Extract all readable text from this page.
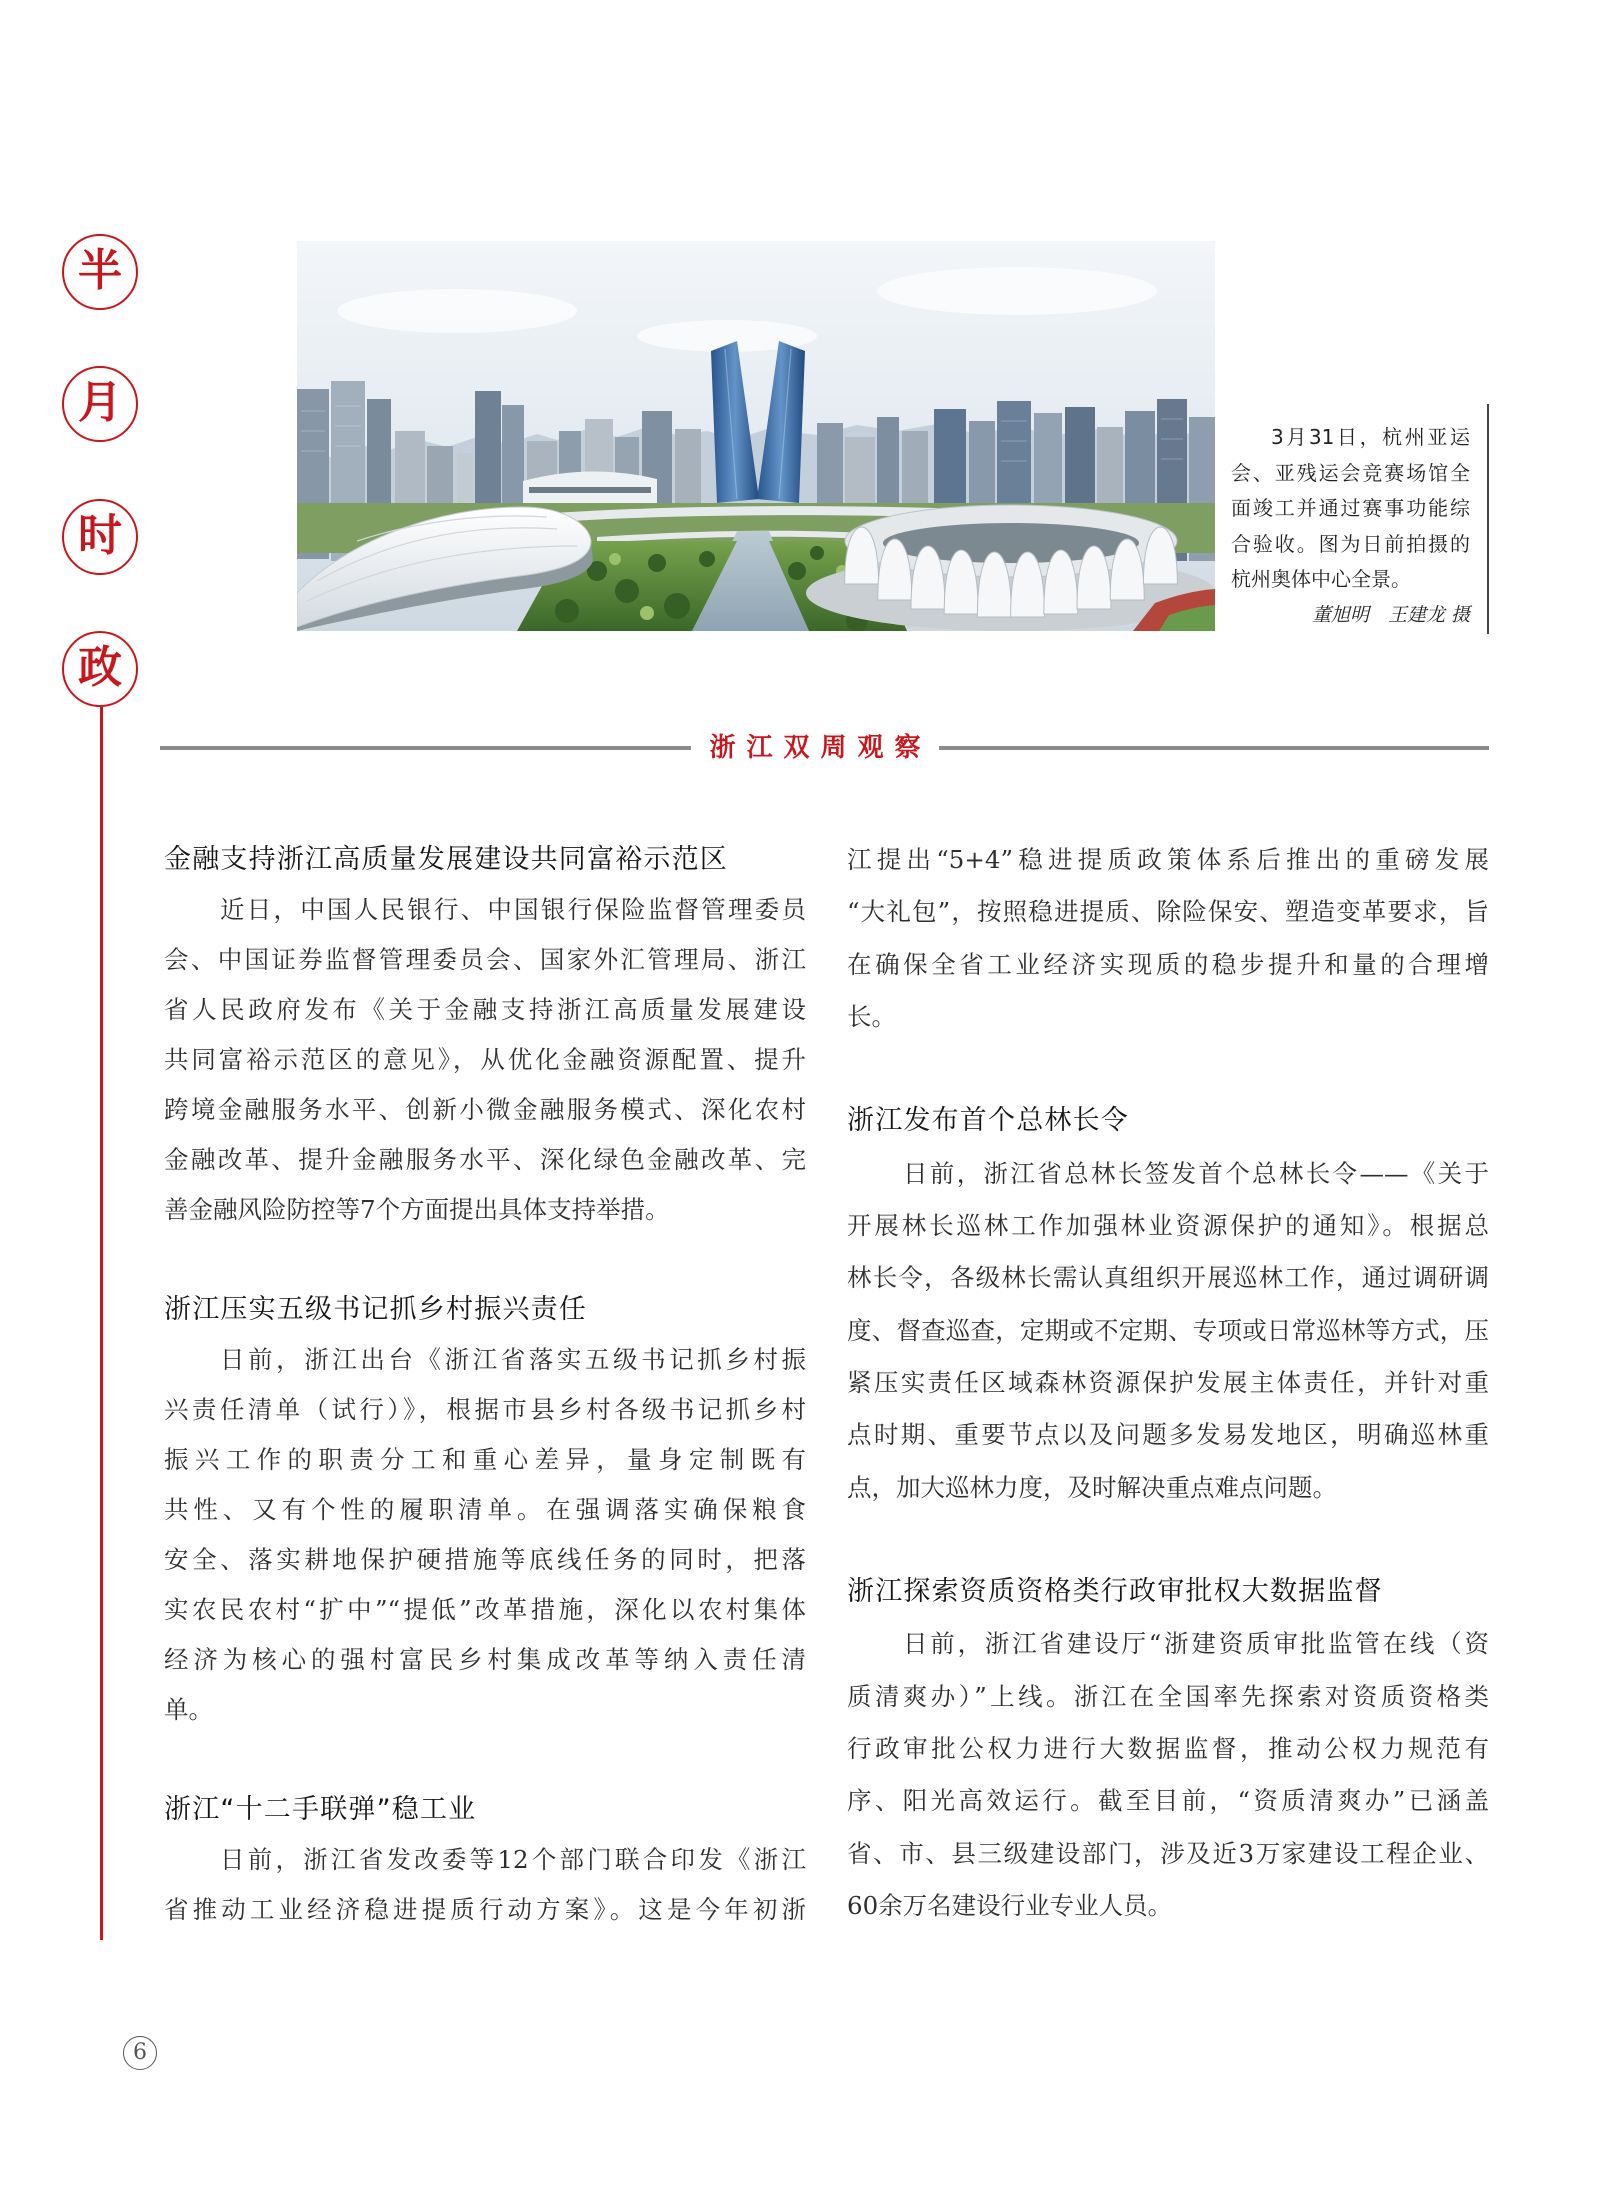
半
月
时
政
3月31日，杭州亚运
会、亚残运会竞赛场馆全
面竣工并通过赛事功能综
合验收。图为日前拍摄的
杭州奥体中心全景。
董旭明　王建龙 摄
浙江双周观察
金融支持浙江高质量发展建设共同富裕示范区
近日，中国人民银行、中国银行保险监督管理委员
会、中国证券监督管理委员会、国家外汇管理局、浙江
省人民政府发布《关于金融支持浙江高质量发展建设
共同富裕示范区的意见》，从优化金融资源配置、提升
跨境金融服务水平、创新小微金融服务模式、深化农村
金融改革、提升金融服务水平、深化绿色金融改革、完
善金融风险防控等7个方面提出具体支持举措。
浙江压实五级书记抓乡村振兴责任
日前，浙江出台《浙江省落实五级书记抓乡村振
兴责任清单（试行）》，根据市县乡村各级书记抓乡村
振兴工作的职责分工和重心差异，量身定制既有
共性、又有个性的履职清单。在强调落实确保粮食
安全、落实耕地保护硬措施等底线任务的同时，把落
实农民农村“扩中”“提低”改革措施，深化以农村集体
经济为核心的强村富民乡村集成改革等纳入责任清
单。
浙江“十二手联弹”稳工业
日前，浙江省发改委等12个部门联合印发《浙江
省推动工业经济稳进提质行动方案》。这是今年初浙
江提出“5+4”稳进提质政策体系后推出的重磅发展
“大礼包”，按照稳进提质、除险保安、塑造变革要求，旨
在确保全省工业经济实现质的稳步提升和量的合理增
长。
浙江发布首个总林长令
日前，浙江省总林长签发首个总林长令——《关于
开展林长巡林工作加强林业资源保护的通知》。根据总
林长令，各级林长需认真组织开展巡林工作，通过调研调
度、督查巡查，定期或不定期、专项或日常巡林等方式，压
紧压实责任区域森林资源保护发展主体责任，并针对重
点时期、重要节点以及问题多发易发地区，明确巡林重
点，加大巡林力度，及时解决重点难点问题。
浙江探索资质资格类行政审批权大数据监督
日前，浙江省建设厅“浙建资质审批监管在线（资
质清爽办）”上线。浙江在全国率先探索对资质资格类
行政审批公权力进行大数据监督，推动公权力规范有
序、阳光高效运行。截至目前，“资质清爽办”已涵盖
省、市、县三级建设部门，涉及近3万家建设工程企业、
60余万名建设行业专业人员。
6
